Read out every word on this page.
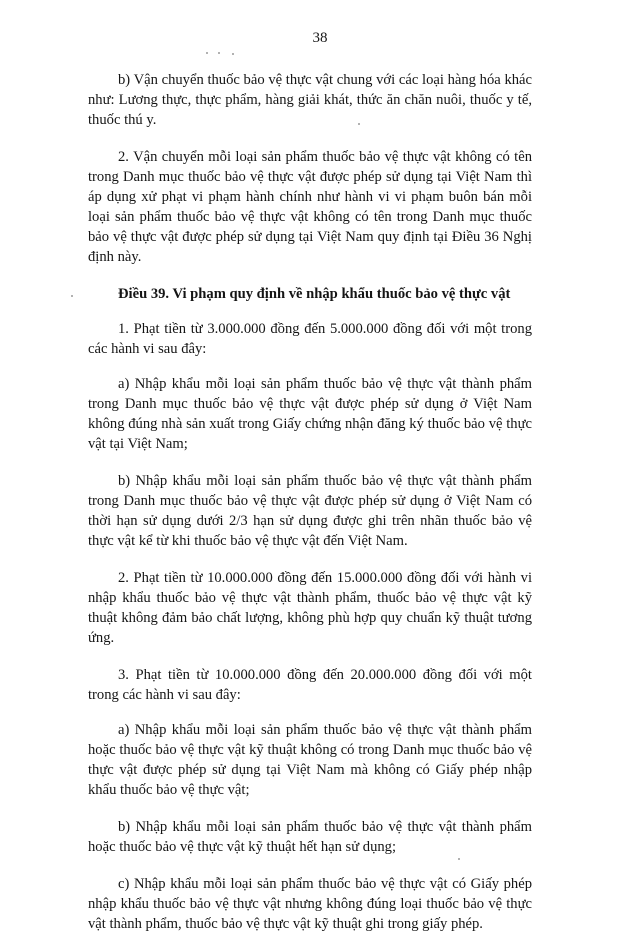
38

b) Vận chuyển thuốc bảo vệ thực vật chung với các loại hàng hóa khác như: Lương thực, thực phẩm, hàng giải khát, thức ăn chăn nuôi, thuốc y tế, thuốc thú y.

2. Vận chuyển mỗi loại sản phẩm thuốc bảo vệ thực vật không có tên trong Danh mục thuốc bảo vệ thực vật được phép sử dụng tại Việt Nam thì áp dụng xử phạt vi phạm hành chính như hành vi vi phạm buôn bán mỗi loại sản phẩm thuốc bảo vệ thực vật không có tên trong Danh mục thuốc bảo vệ thực vật được phép sử dụng tại Việt Nam quy định tại Điều 36 Nghị định này.

Điều 39. Vi phạm quy định về nhập khẩu thuốc bảo vệ thực vật

1. Phạt tiền từ 3.000.000 đồng đến 5.000.000 đồng đối với một trong các hành vi sau đây:

a) Nhập khẩu mỗi loại sản phẩm thuốc bảo vệ thực vật thành phẩm trong Danh mục thuốc bảo vệ thực vật được phép sử dụng ở Việt Nam không đúng nhà sản xuất trong Giấy chứng nhận đăng ký thuốc bảo vệ thực vật tại Việt Nam;

b) Nhập khẩu mỗi loại sản phẩm thuốc bảo vệ thực vật thành phẩm trong Danh mục thuốc bảo vệ thực vật được phép sử dụng ở Việt Nam có thời hạn sử dụng dưới 2/3 hạn sử dụng được ghi trên nhãn thuốc bảo vệ thực vật kể từ khi thuốc bảo vệ thực vật đến Việt Nam.

2. Phạt tiền từ 10.000.000 đồng đến 15.000.000 đồng đối với hành vi nhập khẩu thuốc bảo vệ thực vật thành phẩm, thuốc bảo vệ thực vật kỹ thuật không đảm bảo chất lượng, không phù hợp quy chuẩn kỹ thuật tương ứng.

3. Phạt tiền từ 10.000.000 đồng đến 20.000.000 đồng đối với một trong các hành vi sau đây:

a) Nhập khẩu mỗi loại sản phẩm thuốc bảo vệ thực vật thành phẩm hoặc thuốc bảo vệ thực vật kỹ thuật không có trong Danh mục thuốc bảo vệ thực vật được phép sử dụng tại Việt Nam mà không có Giấy phép nhập khẩu thuốc bảo vệ thực vật;

b) Nhập khẩu mỗi loại sản phẩm thuốc bảo vệ thực vật thành phẩm hoặc thuốc bảo vệ thực vật kỹ thuật hết hạn sử dụng;

c) Nhập khẩu mỗi loại sản phẩm thuốc bảo vệ thực vật có Giấy phép nhập khẩu thuốc bảo vệ thực vật nhưng không đúng loại thuốc bảo vệ thực vật thành phẩm, thuốc bảo vệ thực vật kỹ thuật ghi trong giấy phép.
